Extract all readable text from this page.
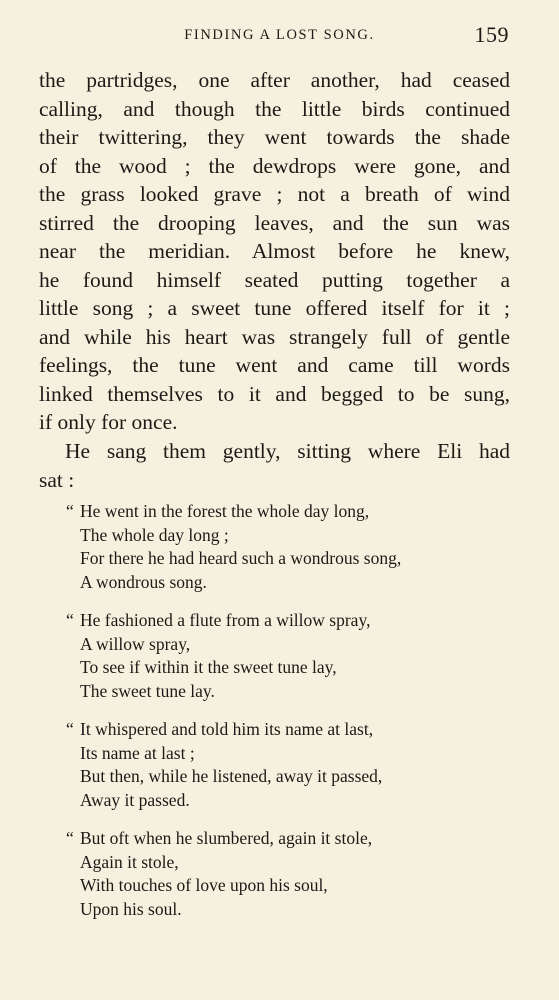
FINDING A LOST SONG.	159
the partridges, one after another, had ceased
calling, and though the little birds continued
their twittering, they went towards the shade
of the wood ; the dewdrops were gone, and
the grass looked grave ; not a breath of wind
stirred the drooping leaves, and the sun was
near the meridian. Almost before he knew,
he found himself seated putting together a
little song ; a sweet tune offered itself for it ;
and while his heart was strangely full of gentle
feelings, the tune went and came till words
linked themselves to it and begged to be sung,
if only for once.
He sang them gently, sitting where Eli had
sat :
“ He went in the forest the whole day long,
The whole day long ;
For there he had heard such a wondrous song,
A wondrous song.
“ He fashioned a flute from a willow spray,
A willow spray,
To see if within it the sweet tune lay,
The sweet tune lay.
“ It whispered and told him its name at last,
Its name at last ;
But then, while he listened, away it passed,
Away it passed.
“ But oft when he slumbered, again it stole,
Again it stole,
With touches of love upon his soul,
Upon his soul.
